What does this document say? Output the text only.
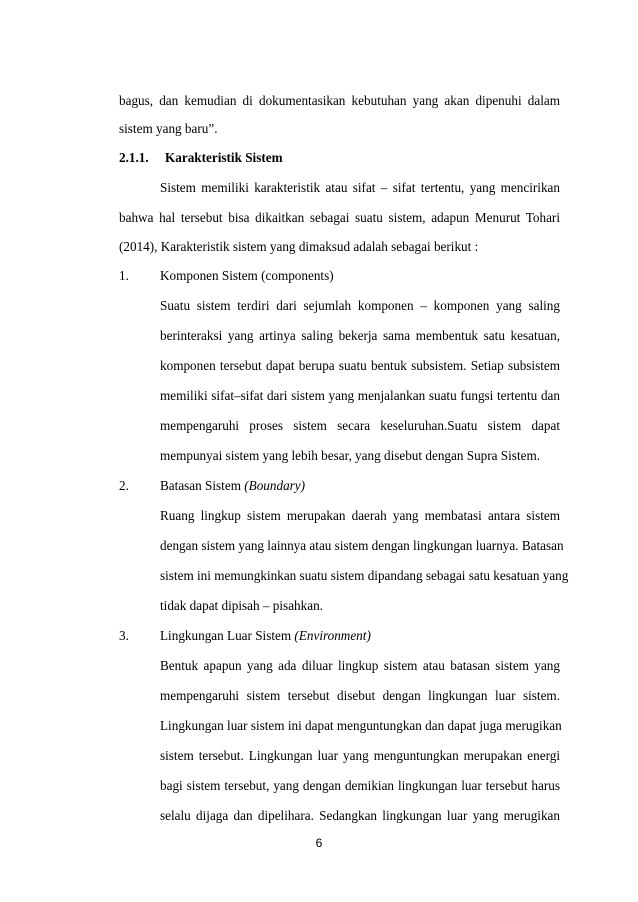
bagus, dan kemudian di dokumentasikan kebutuhan yang akan dipenuhi dalam
sistem yang baru”.
2.1.1. Karakteristik Sistem
Sistem memiliki karakteristik atau sifat – sifat tertentu, yang mencirikan
bahwa hal tersebut bisa dikaitkan sebagai suatu sistem, adapun Menurut Tohari
(2014), Karakteristik sistem yang dimaksud adalah sebagai berikut :
1. Komponen Sistem (components)
Suatu sistem terdiri dari sejumlah komponen – komponen yang saling
berinteraksi yang artinya saling bekerja sama membentuk satu kesatuan,
komponen tersebut dapat berupa suatu bentuk subsistem. Setiap subsistem
memiliki sifat–sifat dari sistem yang menjalankan suatu fungsi tertentu dan
mempengaruhi proses sistem secara keseluruhan.Suatu sistem dapat
mempunyai sistem yang lebih besar, yang disebut dengan Supra Sistem.
2. Batasan Sistem (Boundary)
Ruang lingkup sistem merupakan daerah yang membatasi antara sistem
dengan sistem yang lainnya atau sistem dengan lingkungan luarnya. Batasan
sistem ini memungkinkan suatu sistem dipandang sebagai satu kesatuan yang
tidak dapat dipisah – pisahkan.
3. Lingkungan Luar Sistem (Environment)
Bentuk apapun yang ada diluar lingkup sistem atau batasan sistem yang
mempengaruhi sistem tersebut disebut dengan lingkungan luar sistem.
Lingkungan luar sistem ini dapat menguntungkan dan dapat juga merugikan
sistem tersebut. Lingkungan luar yang menguntungkan merupakan energi
bagi sistem tersebut, yang dengan demikian lingkungan luar tersebut harus
selalu dijaga dan dipelihara. Sedangkan lingkungan luar yang merugikan
6
